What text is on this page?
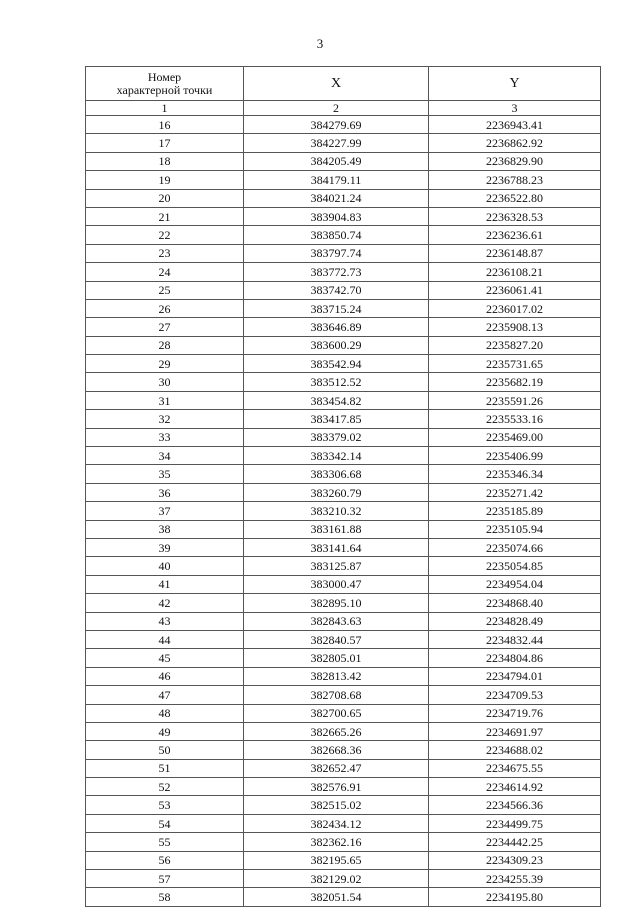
3
Номер
характерной точки	X	Y
1	2	3
16	384279.69	2236943.41
17	384227.99	2236862.92
18	384205.49	2236829.90
19	384179.11	2236788.23
20	384021.24	2236522.80
21	383904.83	2236328.53
22	383850.74	2236236.61
23	383797.74	2236148.87
24	383772.73	2236108.21
25	383742.70	2236061.41
26	383715.24	2236017.02
27	383646.89	2235908.13
28	383600.29	2235827.20
29	383542.94	2235731.65
30	383512.52	2235682.19
31	383454.82	2235591.26
32	383417.85	2235533.16
33	383379.02	2235469.00
34	383342.14	2235406.99
35	383306.68	2235346.34
36	383260.79	2235271.42
37	383210.32	2235185.89
38	383161.88	2235105.94
39	383141.64	2235074.66
40	383125.87	2235054.85
41	383000.47	2234954.04
42	382895.10	2234868.40
43	382843.63	2234828.49
44	382840.57	2234832.44
45	382805.01	2234804.86
46	382813.42	2234794.01
47	382708.68	2234709.53
48	382700.65	2234719.76
49	382665.26	2234691.97
50	382668.36	2234688.02
51	382652.47	2234675.55
52	382576.91	2234614.92
53	382515.02	2234566.36
54	382434.12	2234499.75
55	382362.16	2234442.25
56	382195.65	2234309.23
57	382129.02	2234255.39
58	382051.54	2234195.80
